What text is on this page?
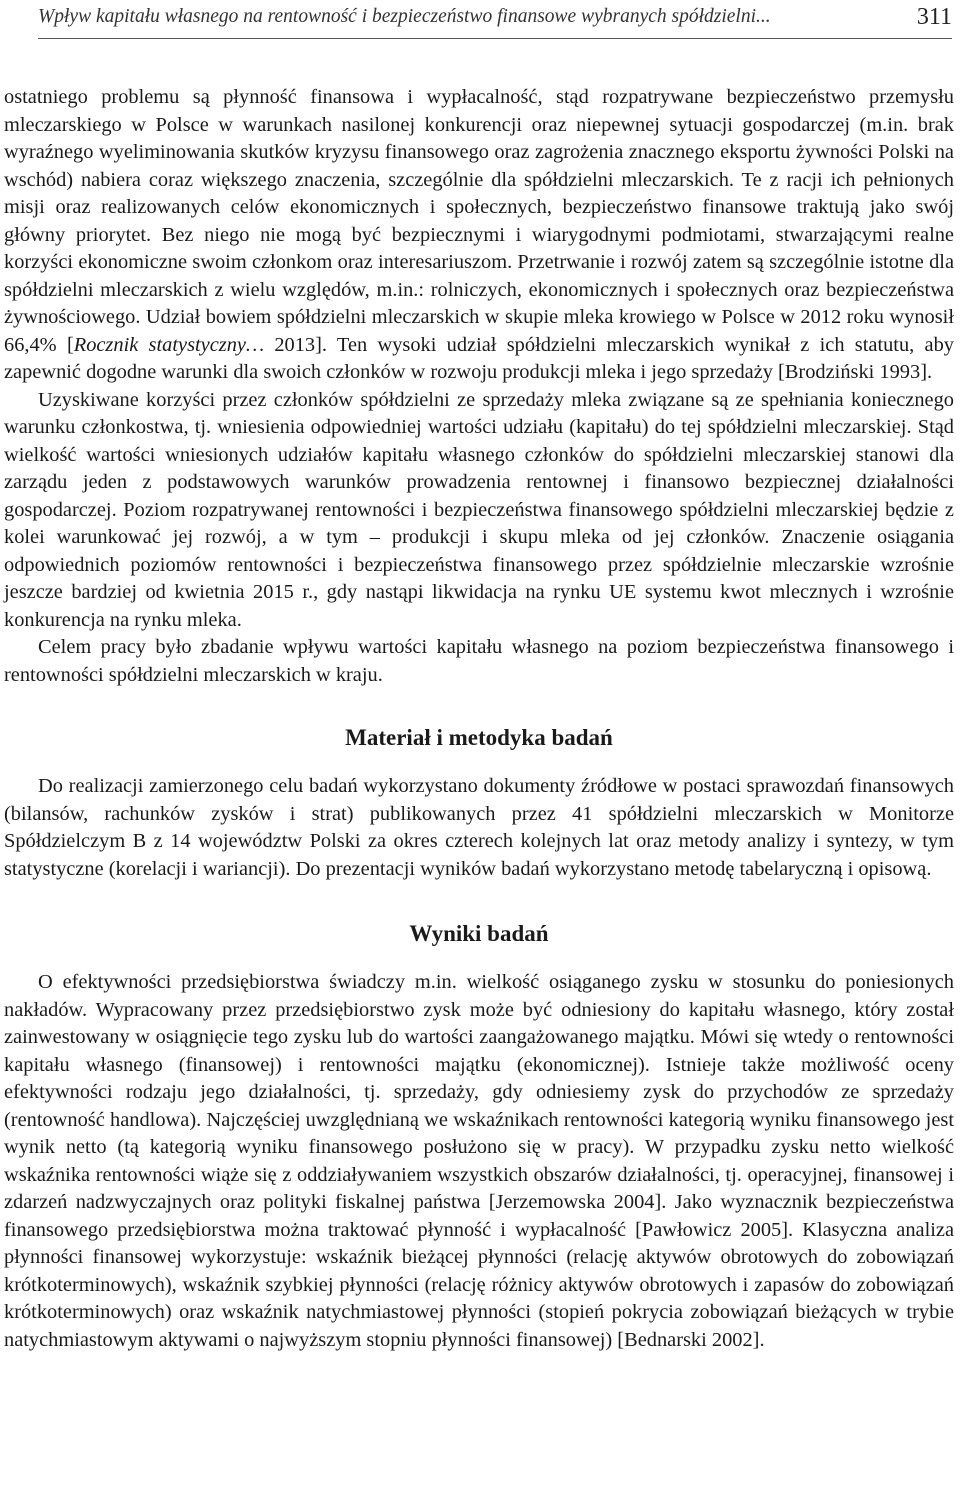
Wpływ kapitału własnego na rentowność i bezpieczeństwo finansowe wybranych spółdzielni...	311

ostatniego problemu są płynność finansowa i wypłacalność, stąd rozpatrywane bezpieczeństwo przemysłu mleczarskiego w Polsce w warunkach nasilonej konkurencji oraz niepewnej sytuacji gospodarczej (m.in. brak wyraźnego wyeliminowania skutków kryzysu finansowego oraz zagrożenia znacznego eksportu żywności Polski na wschód) nabiera coraz większego znaczenia, szczególnie dla spółdzielni mleczarskich. Te z racji ich pełnionych misji oraz realizowanych celów ekonomicznych i społecznych, bezpieczeństwo finansowe traktują jako swój główny priorytet. Bez niego nie mogą być bezpiecznymi i wiarygodnymi podmiotami, stwarzającymi realne korzyści ekonomiczne swoim członkom oraz interesariuszom. Przetrwanie i rozwój zatem są szczególnie istotne dla spółdzielni mleczarskich z wielu względów, m.in.: rolniczych, ekonomicznych i społecznych oraz bezpieczeństwa żywnościowego. Udział bowiem spółdzielni mleczarskich w skupie mleka krowiego w Polsce w 2012 roku wynosił 66,4% [Rocznik statystyczny… 2013]. Ten wysoki udział spółdzielni mleczarskich wynikał z ich statutu, aby zapewnić dogodne warunki dla swoich członków w rozwoju produkcji mleka i jego sprzedaży [Brodziński 1993].

Uzyskiwane korzyści przez członków spółdzielni ze sprzedaży mleka związane są ze spełniania koniecznego warunku członkostwa, tj. wniesienia odpowiedniej wartości udziału (kapitału) do tej spółdzielni mleczarskiej. Stąd wielkość wartości wniesionych udziałów kapitału własnego członków do spółdzielni mleczarskiej stanowi dla zarządu jeden z podstawowych warunków prowadzenia rentownej i finansowo bezpiecznej działalności gospodarczej. Poziom rozpatrywanej rentowności i bezpieczeństwa finansowego spółdzielni mleczarskiej będzie z kolei warunkować jej rozwój, a w tym – produkcji i skupu mleka od jej członków. Znaczenie osiągania odpowiednich poziomów rentowności i bezpieczeństwa finansowego przez spółdzielnie mleczarskie wzrośnie jeszcze bardziej od kwietnia 2015 r., gdy nastąpi likwidacja na rynku UE systemu kwot mlecznych i wzrośnie konkurencja na rynku mleka.

Celem pracy było zbadanie wpływu wartości kapitału własnego na poziom bezpieczeństwa finansowego i rentowności spółdzielni mleczarskich w kraju.

Materiał i metodyka badań

Do realizacji zamierzonego celu badań wykorzystano dokumenty źródłowe w postaci sprawozdań finansowych (bilansów, rachunków zysków i strat) publikowanych przez 41 spółdzielni mleczarskich w Monitorze Spółdzielczym B z 14 województw Polski za okres czterech kolejnych lat oraz metody analizy i syntezy, w tym statystyczne (korelacji i wariancji). Do prezentacji wyników badań wykorzystano metodę tabelaryczną i opisową.

Wyniki badań

O efektywności przedsiębiorstwa świadczy m.in. wielkość osiąganego zysku w stosunku do poniesionych nakładów. Wypracowany przez przedsiębiorstwo zysk może być odniesiony do kapitału własnego, który został zainwestowany w osiągnięcie tego zysku lub do wartości zaangażowanego majątku. Mówi się wtedy o rentowności kapitału własnego (finansowej) i rentowności majątku (ekonomicznej). Istnieje także możliwość oceny efektywności rodzaju jego działalności, tj. sprzedaży, gdy odniesiemy zysk do przychodów ze sprzedaży (rentowność handlowa). Najczęściej uwzględnianą we wskaźnikach rentowności kategorią wyniku finansowego jest wynik netto (tą kategorią wyniku finansowego posłużono się w pracy). W przypadku zysku netto wielkość wskaźnika rentowności wiąże się z oddziaływaniem wszystkich obszarów działalności, tj. operacyjnej, finansowej i zdarzeń nadzwyczajnych oraz polityki fiskalnej państwa [Jerzemowska 2004]. Jako wyznacznik bezpieczeństwa finansowego przedsiębiorstwa można traktować płynność i wypłacalność [Pawłowicz 2005]. Klasyczna analiza płynności finansowej wykorzystuje: wskaźnik bieżącej płynności (relację aktywów obrotowych do zobowiązań krótkoterminowych), wskaźnik szybkiej płynności (relację różnicy aktywów obrotowych i zapasów do zobowiązań krótkoterminowych) oraz wskaźnik natychmiastowej płynności (stopień pokrycia zobowiązań bieżących w trybie natychmiastowym aktywami o najwyższym stopniu płynności finansowej) [Bednarski 2002].
